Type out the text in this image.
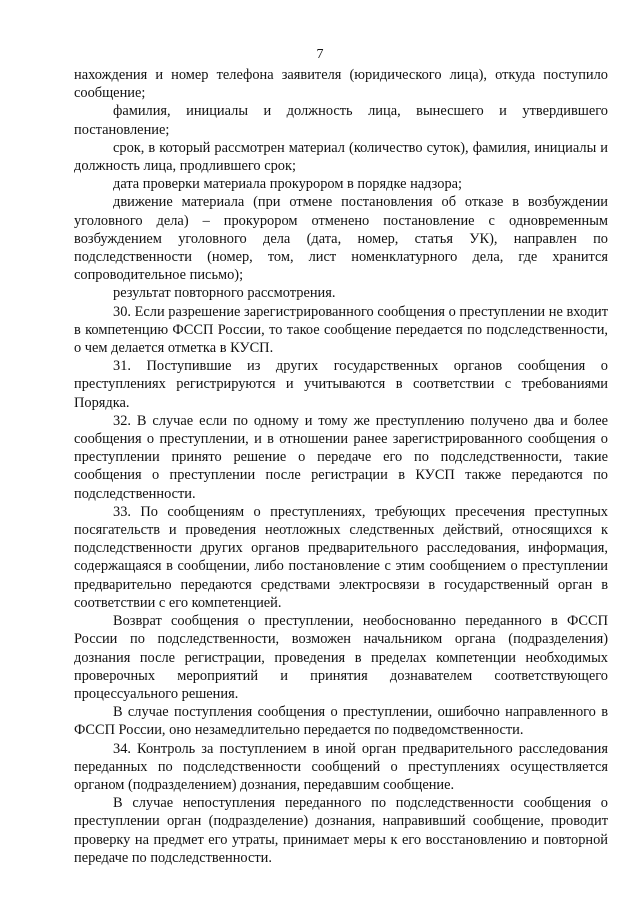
7

нахождения и номер телефона заявителя (юридического лица), откуда поступило сообщение;

фамилия, инициалы и должность лица, вынесшего и утвердившего постановление;

срок, в который рассмотрен материал (количество суток), фамилия, инициалы и должность лица, продлившего срок;

дата проверки материала прокурором в порядке надзора;

движение материала (при отмене постановления об отказе в возбуждении уголовного дела) – прокурором отменено постановление с одновременным возбуждением уголовного дела (дата, номер, статья УК), направлен по подследственности (номер, том, лист номенклатурного дела, где хранится сопроводительное письмо);

результат повторного рассмотрения.

30. Если разрешение зарегистрированного сообщения о преступлении не входит в компетенцию ФССП России, то такое сообщение передается по подследственности, о чем делается отметка в КУСП.

31. Поступившие из других государственных органов сообщения о преступлениях регистрируются и учитываются в соответствии с требованиями Порядка.

32. В случае если по одному и тому же преступлению получено два и более сообщения о преступлении, и в отношении ранее зарегистрированного сообщения о преступлении принято решение о передаче его по подследственности, такие сообщения о преступлении после регистрации в КУСП также передаются по подследственности.

33. По сообщениям о преступлениях, требующих пресечения преступных посягательств и проведения неотложных следственных действий, относящихся к подследственности других органов предварительного расследования, информация, содержащаяся в сообщении, либо постановление с этим сообщением о преступлении предварительно передаются средствами электросвязи в государственный орган в соответствии с его компетенцией.

Возврат сообщения о преступлении, необоснованно переданного в ФССП России по подследственности, возможен начальником органа (подразделения) дознания после регистрации, проведения в пределах компетенции необходимых проверочных мероприятий и принятия дознавателем соответствующего процессуального решения.

В случае поступления сообщения о преступлении, ошибочно направленного в ФССП России, оно незамедлительно передается по подведомственности.

34. Контроль за поступлением в иной орган предварительного расследования переданных по подследственности сообщений о преступлениях осуществляется органом (подразделением) дознания, передавшим сообщение.

В случае непоступления переданного по подследственности сообщения о преступлении орган (подразделение) дознания, направивший сообщение, проводит проверку на предмет его утраты, принимает меры к его восстановлению и повторной передаче по подследственности.
